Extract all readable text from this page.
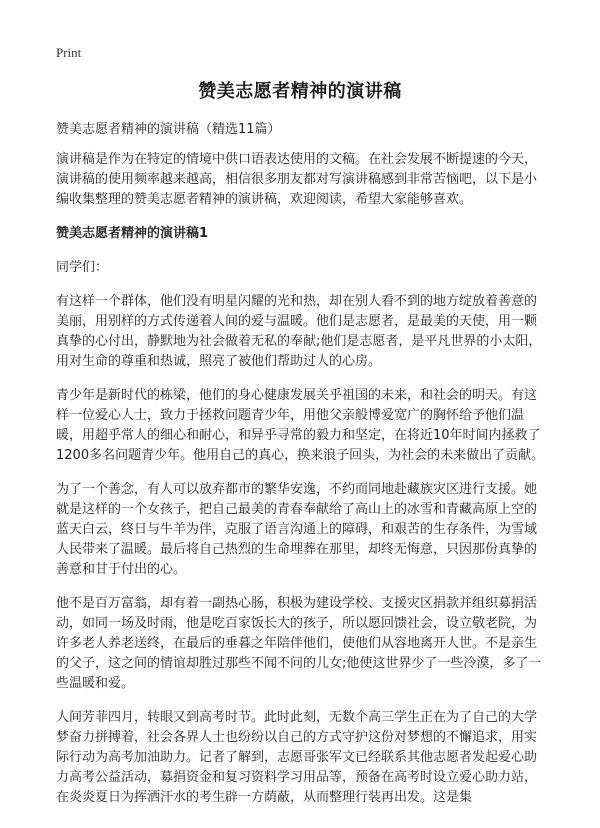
Print
赞美志愿者精神的演讲稿

赞美志愿者精神的演讲稿（精选11篇）

演讲稿是作为在特定的情境中供口语表达使用的文稿。在社会发展不断提速的今天，演讲稿的使用频率越来越高，相信很多朋友都对写演讲稿感到非常苦恼吧，以下是小编收集整理的赞美志愿者精神的演讲稿，欢迎阅读，希望大家能够喜欢。

赞美志愿者精神的演讲稿1

同学们：

有这样一个群体，他们没有明星闪耀的光和热，却在别人看不到的地方绽放着善意的美丽，用别样的方式传递着人间的爱与温暖。他们是志愿者，是最美的天使，用一颗真挚的心付出，静默地为社会做着无私的奉献;他们是志愿者，是平凡世界的小太阳，用对生命的尊重和热诚，照亮了被他们帮助过人的心房。

青少年是新时代的栋梁，他们的身心健康发展关乎祖国的未来，和社会的明天。有这样一位爱心人士，致力于拯救问题青少年，用他父亲般博爱宽广的胸怀给予他们温暖，用超乎常人的细心和耐心，和异乎寻常的毅力和坚定，在将近10年时间内拯救了1200多名问题青少年。他用自己的真心，换来浪子回头，为社会的未来做出了贡献。

为了一个善念，有人可以放弃都市的繁华安逸，不约而同地赴藏族灾区进行支援。她就是这样的一个女孩子，把自己最美的青春奉献给了高山上的冰雪和青藏高原上空的蓝天白云，终日与牛羊为伴，克服了语言沟通上的障碍，和艰苦的生存条件，为雪域人民带来了温暖。最后将自己热烈的生命埋葬在那里，却终无悔意，只因那份真挚的善意和甘于付出的心。

他不是百万富翁，却有着一副热心肠，积极为建设学校、支援灾区捐款并组织募捐活动，如同一场及时雨，他是吃百家饭长大的孩子，所以愿回馈社会，设立敬老院，为许多老人养老送终，在最后的垂暮之年陪伴他们，使他们从容地离开人世。不是亲生的父子，这之间的情谊却胜过那些不闻不问的儿女;他使这世界少了一些冷漠，多了一些温暖和爱。

人间芳菲四月，转眼又到高考时节。此时此刻，无数个高三学生正在为了自己的大学梦奋力拼搏着，社会各界人士也纷纷以自己的方式守护这份对梦想的不懈追求，用实际行动为高考加油助力。记者了解到，志愿哥张军文已经联系其他志愿者发起爱心助力高考公益活动，募捐资金和复习资料学习用品等，预备在高考时设立爱心助力站，在炎炎夏日为挥洒汗水的考生辟一方荫蔽，从而整理行装再出发。这是集
